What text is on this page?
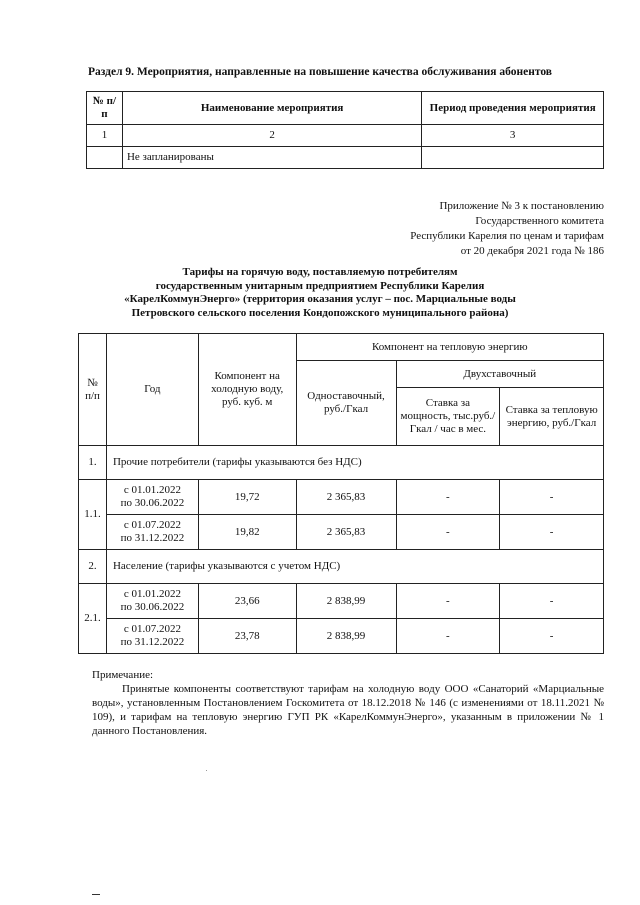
Раздел 9. Мероприятия, направленные на повышение качества обслуживания абонентов
№ п/п	Наименование мероприятия	Период проведения мероприятия
1	2	3
	Не запланированы	
Приложение № 3 к постановлению
Государственного комитета
Республики Карелия по ценам и тарифам
от 20 декабря 2021 года № 186
Тарифы на горячую воду, поставляемую потребителям
государственным унитарным предприятием Республики Карелия
«КарелКоммунЭнерго» (территория оказания услуг – пос. Марциальные воды
Петровского сельского поселения Кондопожского муниципального района)
№ п/п	Год	Компонент на холодную воду, руб. куб. м	Компонент на тепловую энергию		
			Одноставочный, руб./Гкал	Двухставочный	
				Ставка за мощность, тыс.руб./Гкал / час в мес.	Ставка за тепловую энергию, руб./Гкал
1.	Прочие потребители (тарифы указываются без НДС)				
1.1.	с 01.01.2022
по 30.06.2022	19,72	2 365,83	-	-

	с 01.07.2022
по 31.12.2022	19,82	2 365,83	-	-
2.	Население (тарифы указываются с учетом НДС)				
2.1.	с 01.01.2022
по 30.06.2022	23,66	2 838,99	-	-

	с 01.07.2022
по 31.12.2022	23,78	2 838,99	-	-
Примечание:
Принятые компоненты соответствуют тарифам на холодную воду ООО «Санаторий «Марциальные воды», установленным Постановлением Госкомитета от 18.12.2018 № 146 (с изменениями от 18.11.2021 № 109), и тарифам на тепловую энергию ГУП РК «КарелКоммунЭнерго», указанным в приложении № 1 данного Постановления.
